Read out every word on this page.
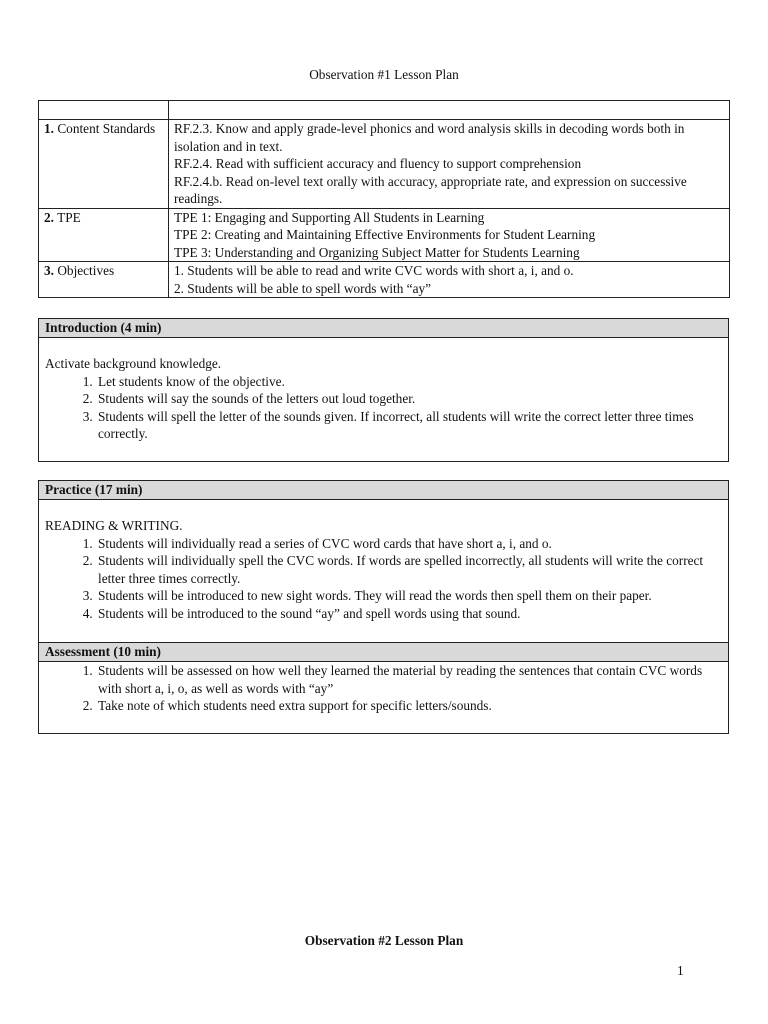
Observation #1 Lesson Plan

1. Content Standards	RF.2.3. Know and apply grade-level phonics and word analysis skills in decoding words both in isolation and in text.
RF.2.4. Read with sufficient accuracy and fluency to support comprehension
RF.2.4.b. Read on-level text orally with accuracy, appropriate rate, and expression on successive readings.

2. TPE	TPE 1: Engaging and Supporting All Students in Learning
TPE 2: Creating and Maintaining Effective Environments for Student Learning
TPE 3: Understanding and Organizing Subject Matter for Students Learning

3. Objectives	1. Students will be able to read and write CVC words with short a, i, and o.
2. Students will be able to spell words with “ay”
Introduction (4 min)
Activate background knowledge.
1. Let students know of the objective.
2. Students will say the sounds of the letters out loud together.
3. Students will spell the letter of the sounds given. If incorrect, all students will write the correct letter three times correctly.
Practice (17 min)
READING & WRITING.
1. Students will individually read a series of CVC word cards that have short a, i, and o.
2. Students will individually spell the CVC words. If words are spelled incorrectly, all students will write the correct letter three times correctly.
3. Students will be introduced to new sight words. They will read the words then spell them on their paper.
4. Students will be introduced to the sound “ay” and spell words using that sound.
Assessment (10 min)
1. Students will be assessed on how well they learned the material by reading the sentences that contain CVC words with short a, i, o, as well as words with “ay”
2. Take note of which students need extra support for specific letters/sounds.
Observation #2 Lesson Plan
1
